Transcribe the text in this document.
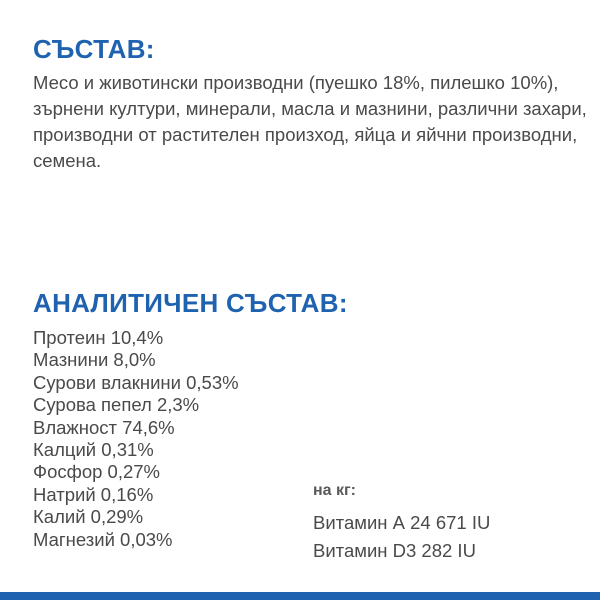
СЪСТАВ:

Месо и животински производни (пуешко 18%, пилешко 10%), зърнени култури, минерали, масла и мазнини, различни захари, производни от растителен произход, яйца и яйчни производни, семена.

АНАЛИТИЧЕН СЪСТАВ:
Протеин 10,4%
Мазнини 8,0%
Сурови влакнини 0,53%
Сурова пепел 2,3%
Влажност 74,6%
Калций 0,31%
Фосфор 0,27%
Натрий 0,16%
Калий 0,29%
Магнезий 0,03%

на кг:

Витамин А 24 671 IU
Витамин D3 282 IU
